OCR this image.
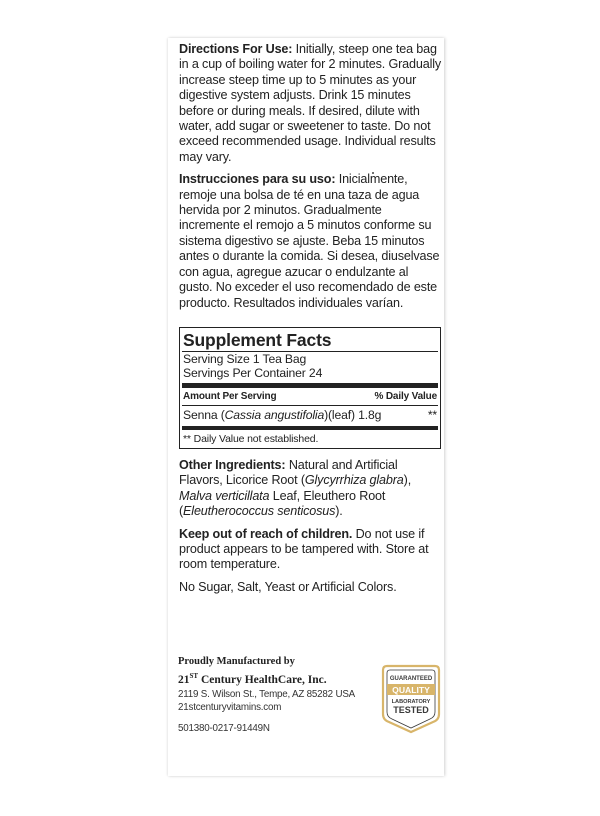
Directions For Use: Initially, steep one tea bag in a cup of boiling water for 2 minutes. Gradually increase steep time up to 5 minutes as your digestive system adjusts. Drink 15 minutes before or during meals. If desired, dilute with water, add sugar or sweetener to taste. Do not exceed recommended usage. Individual results may vary.

Instrucciones para su uso: Inicialmente, remoje una bolsa de té en una taza de agua hervida por 2 minutos. Gradualmente incremente el remojo a 5 minutos conforme su sistema digestivo se ajuste. Beba 15 minutos antes o durante la comida. Si desea, diuselvase con agua, agregue azucar o endulzante al gusto. No exceder el uso recomendado de este producto. Resultados individuales varían.

Supplement Facts
Serving Size 1 Tea Bag
Servings Per Container 24
Amount Per Serving	% Daily Value
Senna (Cassia angustifolia)(leaf) 1.8g	**
** Daily Value not established.

Other Ingredients: Natural and Artificial Flavors, Licorice Root (Glycyrrhiza glabra), Malva verticillata Leaf, Eleuthero Root (Eleutherococcus senticosus).

Keep out of reach of children. Do not use if product appears to be tampered with. Store at room temperature.

No Sugar, Salt, Yeast or Artificial Colors.

Proudly Manufactured by
21ST Century HealthCare, Inc.
2119 S. Wilson St., Tempe, AZ 85282 USA
21stcenturyvitamins.com
501380-0217-91449N
GUARANTEED
QUALITY
LABORATORY
TESTED
